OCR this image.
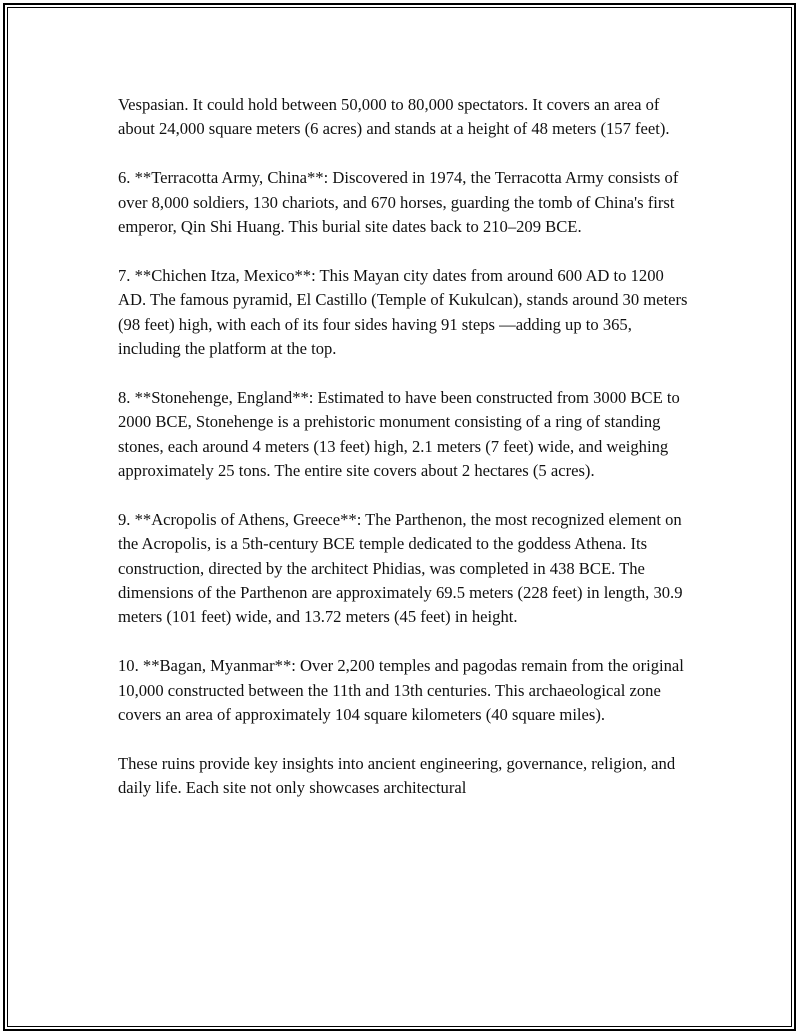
Vespasian. It could hold between 50,000 to 80,000 spectators. It covers an area of about 24,000 square meters (6 acres) and stands at a height of 48 meters (157 feet).

6. **Terracotta Army, China**: Discovered in 1974, the Terracotta Army consists of over 8,000 soldiers, 130 chariots, and 670 horses, guarding the tomb of China's first emperor, Qin Shi Huang. This burial site dates back to 210–209 BCE.

7. **Chichen Itza, Mexico**: This Mayan city dates from around 600 AD to 1200 AD. The famous pyramid, El Castillo (Temple of Kukulcan), stands around 30 meters (98 feet) high, with each of its four sides having 91 steps —adding up to 365, including the platform at the top.

8. **Stonehenge, England**: Estimated to have been constructed from 3000 BCE to 2000 BCE, Stonehenge is a prehistoric monument consisting of a ring of standing stones, each around 4 meters (13 feet) high, 2.1 meters (7 feet) wide, and weighing approximately 25 tons. The entire site covers about 2 hectares (5 acres).

9. **Acropolis of Athens, Greece**: The Parthenon, the most recognized element on the Acropolis, is a 5th-century BCE temple dedicated to the goddess Athena. Its construction, directed by the architect Phidias, was completed in 438 BCE. The dimensions of the Parthenon are approximately 69.5 meters (228 feet) in length, 30.9 meters (101 feet) wide, and 13.72 meters (45 feet) in height.

10. **Bagan, Myanmar**: Over 2,200 temples and pagodas remain from the original 10,000 constructed between the 11th and 13th centuries. This archaeological zone covers an area of approximately 104 square kilometers (40 square miles).

These ruins provide key insights into ancient engineering, governance, religion, and daily life. Each site not only showcases architectural
